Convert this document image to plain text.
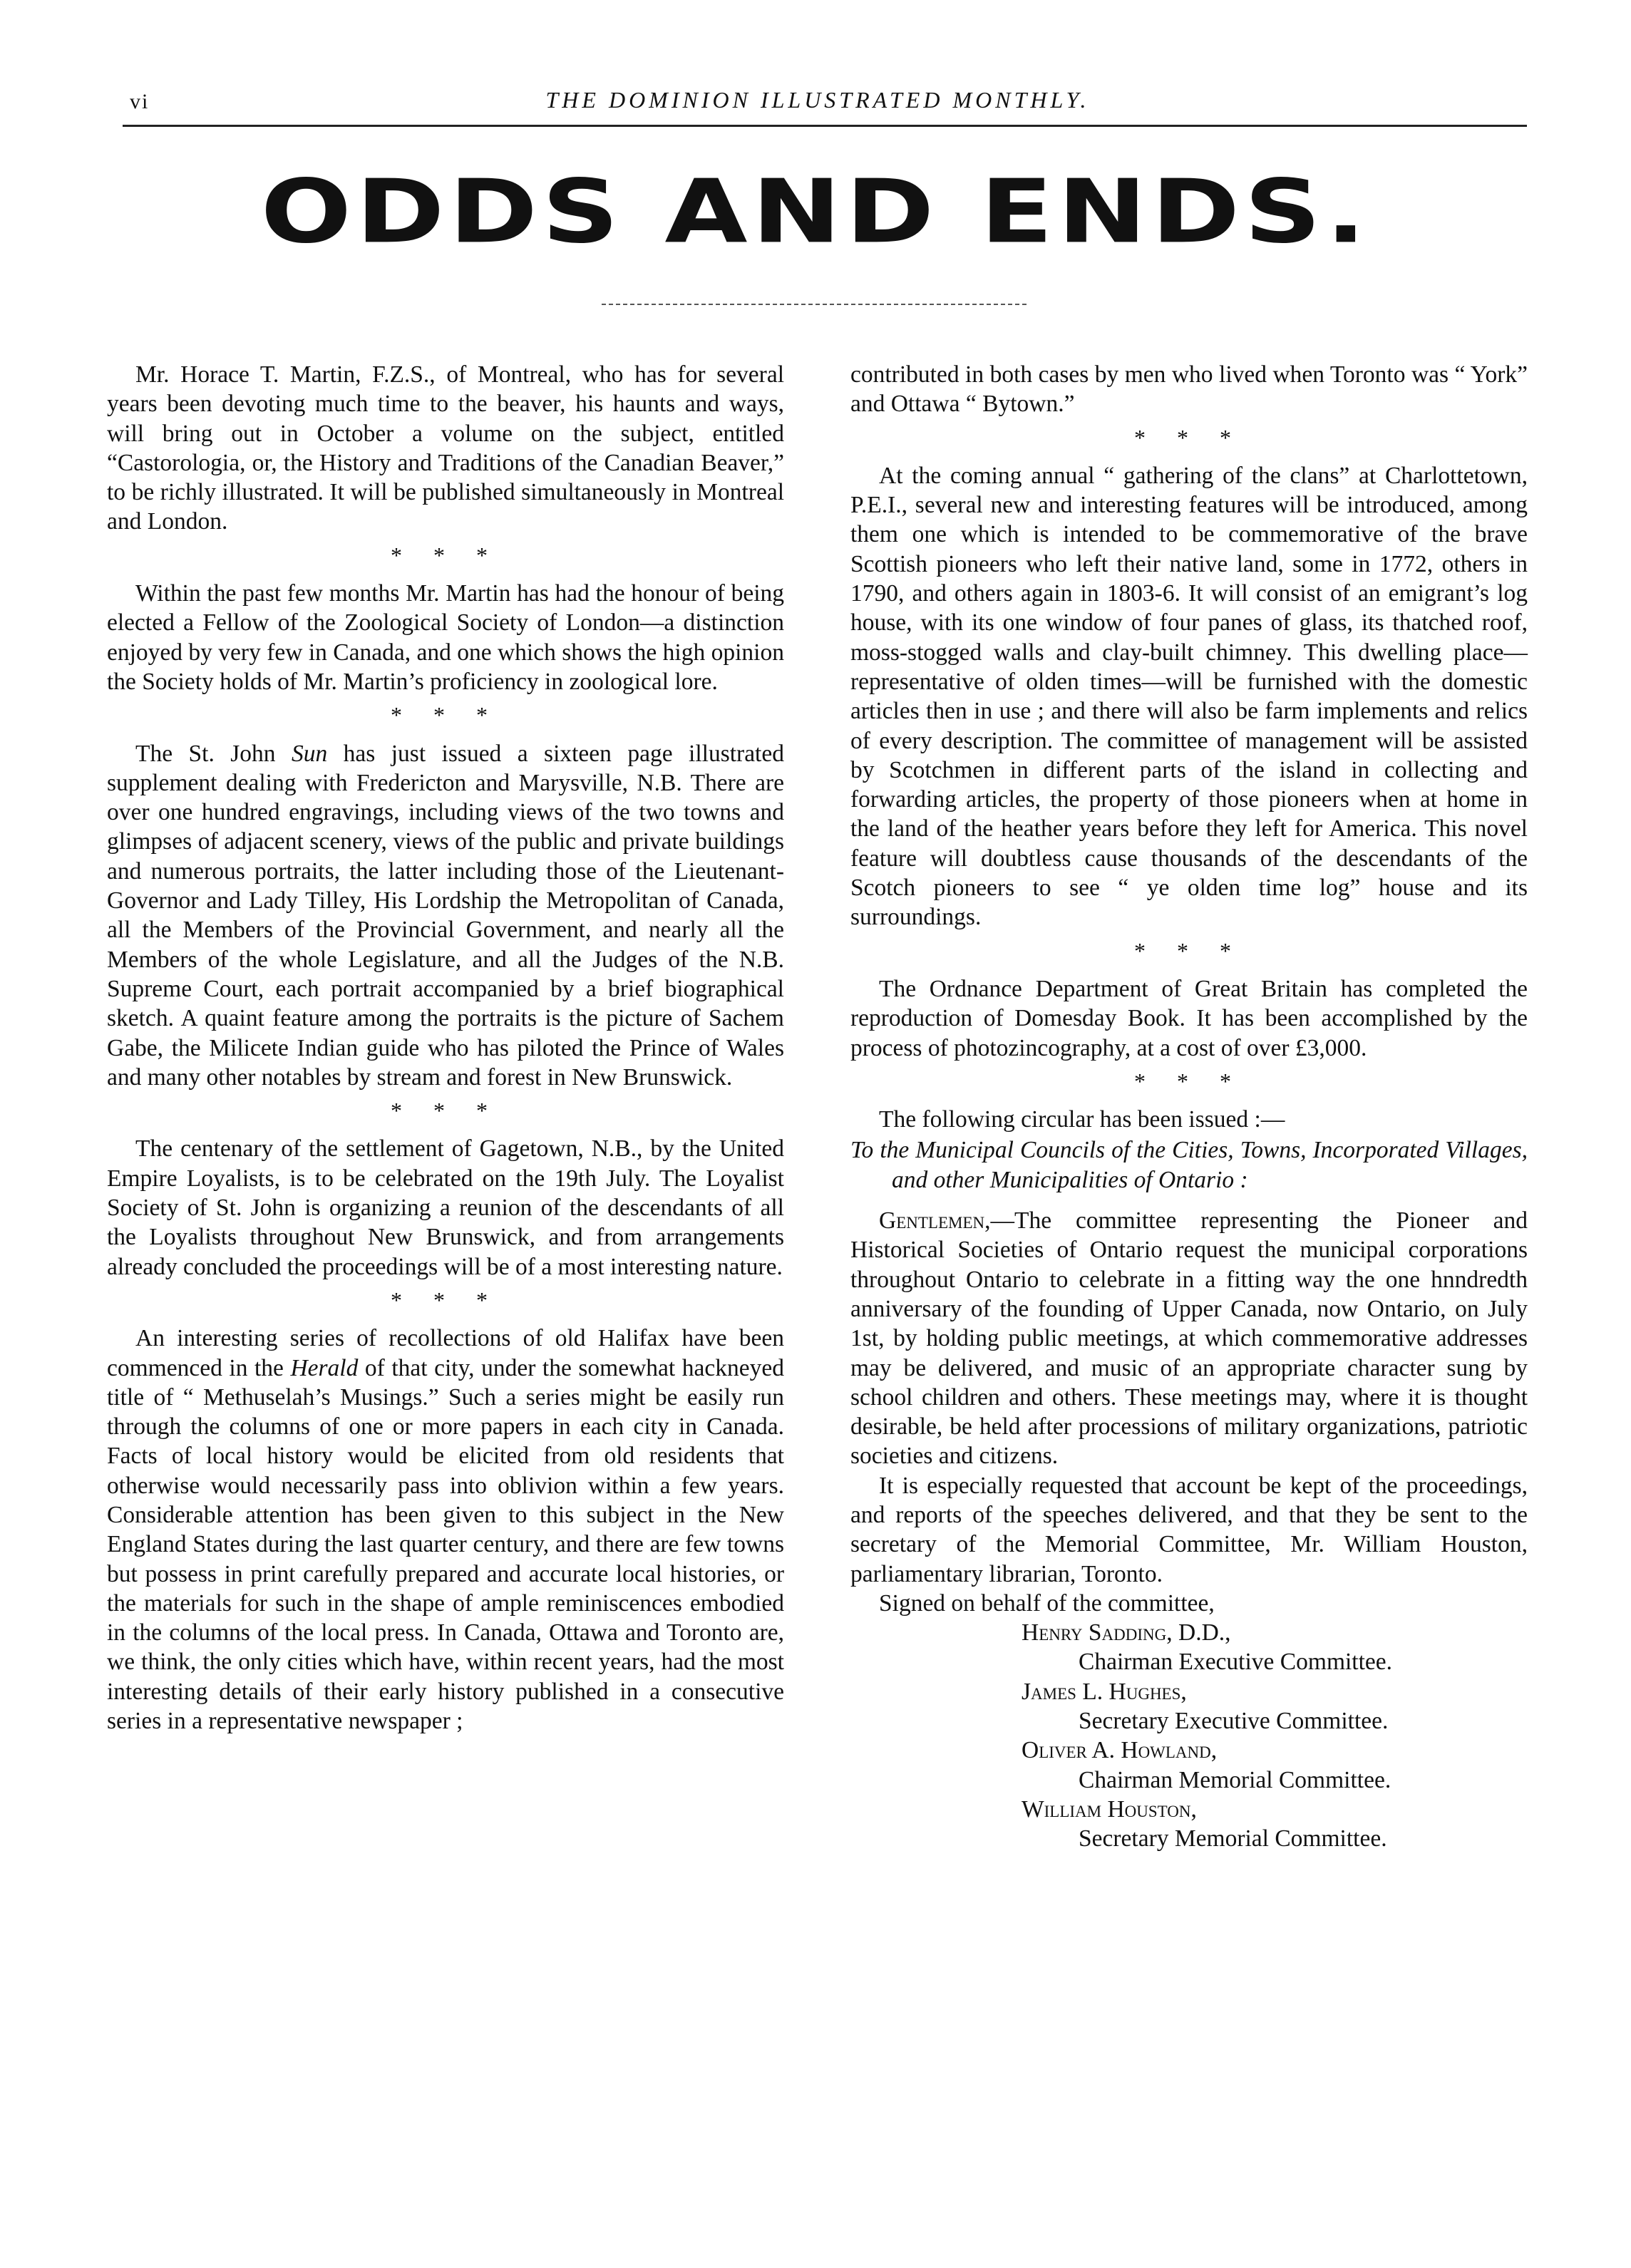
vi	THE DOMINION ILLUSTRATED MONTHLY.
ODDS AND ENDS.

Mr. Horace T. Martin, F.Z.S., of Montreal, who has for several years been devoting much time to the beaver, his haunts and ways, will bring out in October a volume on the subject, entitled “Castorologia, or, the History and Traditions of the Canadian Beaver,” to be richly illustrated. It will be published simultaneously in Montreal and London.

* * *

Within the past few months Mr. Martin has had the honour of being elected a Fellow of the Zoological Society of London—a distinction enjoyed by very few in Canada, and one which shows the high opinion the Society holds of Mr. Martin’s proficiency in zoological lore.

* * *

The St. John Sun has just issued a sixteen page illustrated supplement dealing with Fredericton and Marysville, N.B. There are over one hundred engravings, including views of the two towns and glimpses of adjacent scenery, views of the public and private buildings and numerous portraits, the latter including those of the Lieutenant-Governor and Lady Tilley, His Lordship the Metropolitan of Canada, all the Members of the Provincial Government, and nearly all the Members of the whole Legislature, and all the Judges of the N.B. Supreme Court, each portrait accompanied by a brief biographical sketch. A quaint feature among the portraits is the picture of Sachem Gabe, the Milicete Indian guide who has piloted the Prince of Wales and many other notables by stream and forest in New Brunswick.

* * *

The centenary of the settlement of Gagetown, N.B., by the United Empire Loyalists, is to be celebrated on the 19th July. The Loyalist Society of St. John is organizing a reunion of the descendants of all the Loyalists throughout New Brunswick, and from arrangements already concluded the proceedings will be of a most interesting nature.

* * *

An interesting series of recollections of old Halifax have been commenced in the Herald of that city, under the somewhat hackneyed title of “ Methuselah’s Musings.” Such a series might be easily run through the columns of one or more papers in each city in Canada. Facts of local history would be elicited from old residents that otherwise would necessarily pass into oblivion within a few years. Considerable attention has been given to this subject in the New England States during the last quarter century, and there are few towns but possess in print carefully prepared and accurate local histories, or the materials for such in the shape of ample reminiscences embodied in the columns of the local press. In Canada, Ottawa and Toronto are, we think, the only cities which have, within recent years, had the most interesting details of their early history published in a consecutive series in a representative newspaper ;

contributed in both cases by men who lived when Toronto was “ York” and Ottawa “ Bytown.”

* * *

At the coming annual “ gathering of the clans” at Charlottetown, P.E.I., several new and interesting features will be introduced, among them one which is intended to be commemorative of the brave Scottish pioneers who left their native land, some in 1772, others in 1790, and others again in 1803-6. It will consist of an emigrant’s log house, with its one window of four panes of glass, its thatched roof, moss-stogged walls and clay-built chimney. This dwelling place—representative of olden times—will be furnished with the domestic articles then in use ; and there will also be farm implements and relics of every description. The committee of management will be assisted by Scotchmen in different parts of the island in collecting and forwarding articles, the property of those pioneers when at home in the land of the heather years before they left for America. This novel feature will doubtless cause thousands of the descendants of the Scotch pioneers to see “ ye olden time log” house and its surroundings.

* * *

The Ordnance Department of Great Britain has completed the reproduction of Domesday Book. It has been accomplished by the process of photozincography, at a cost of over £3,000.

* * *

The following circular has been issued :—

To the Municipal Councils of the Cities, Towns, Incorporated Villages, and other Municipalities of Ontario :

Gentlemen,—The committee representing the Pioneer and Historical Societies of Ontario request the municipal corporations throughout Ontario to celebrate in a fitting way the one hnndredth anniversary of the founding of Upper Canada, now Ontario, on July 1st, by holding public meetings, at which commemorative addresses may be delivered, and music of an appropriate character sung by school children and others. These meetings may, where it is thought desirable, be held after processions of military organizations, patriotic societies and citizens.

It is especially requested that account be kept of the proceedings, and reports of the speeches delivered, and that they be sent to the secretary of the Memorial Committee, Mr. William Houston, parliamentary librarian, Toronto.

Signed on behalf of the committee,
Henry Sadding, D.D.,
Chairman Executive Committee.
James L. Hughes,
Secretary Executive Committee.
Oliver A. Howland,
Chairman Memorial Committee.
William Houston,
Secretary Memorial Committee.
